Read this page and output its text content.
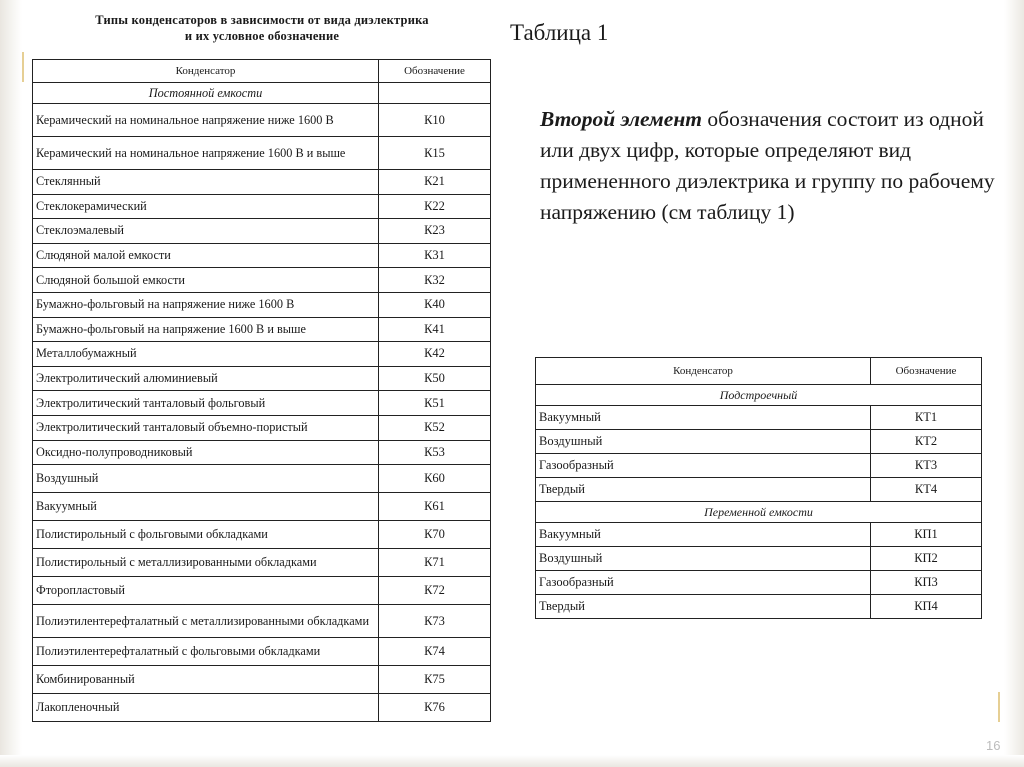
Типы конденсаторов в зависимости от вида диэлектрика
и их условное обозначение
Конденсатор	Обозначение
Постоянной емкости	
Керамический на номинальное напряжение ниже 1600 В	К10
Керамический на номинальное напряжение 1600 В и выше	К15
Стеклянный	К21
Стеклокерамический	К22
Стеклоэмалевый	К23
Слюдяной малой емкости	К31
Слюдяной большой емкости	К32
Бумажно-фольговый на напряжение ниже 1600 В	К40
Бумажно-фольговый на напряжение 1600 В и выше	К41
Металлобумажный	К42
Электролитический алюминиевый	К50
Электролитический танталовый фольговый	К51
Электролитический танталовый объемно-пористый	К52
Оксидно-полупроводниковый	К53
Воздушный	К60
Вакуумный	К61
Полистирольный с фольговыми обкладками	К70
Полистирольный с металлизированными обкладками	К71
Фторопластовый	К72
Полиэтилентерефталатный с металлизированными обкладками	К73
Полиэтилентерефталатный с фольговыми обкладками	К74
Комбинированный	К75
Лакопленочный	К76
Таблица 1
Второй элемент обозначения состоит из одной или двух цифр, которые определяют вид примененного диэлектрика и группу по рабочему напряжению (см таблицу 1)
Конденсатор	Обозначение
Подстроечный	
Вакуумный	КТ1
Воздушный	КТ2
Газообразный	КТ3
Твердый	КТ4
Переменной емкости	
Вакуумный	КП1
Воздушный	КП2
Газообразный	КП3
Твердый	КП4
16
